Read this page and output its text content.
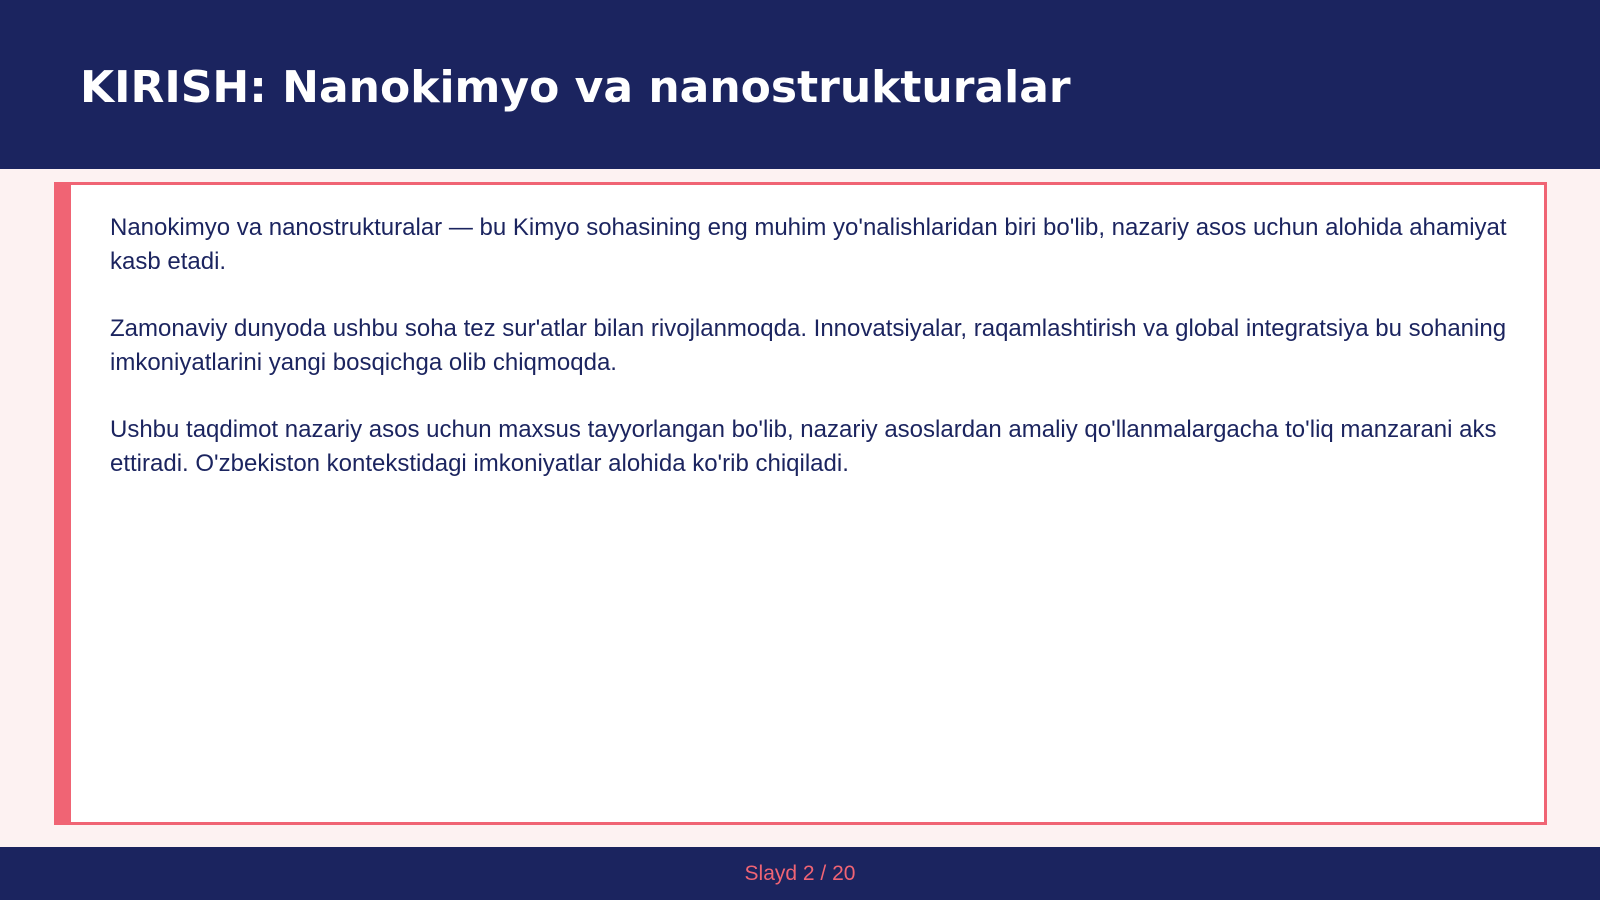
KIRISH: Nanokimyo va nanostrukturalar

Nanokimyo va nanostrukturalar — bu Kimyo sohasining eng muhim yo'nalishlaridan biri bo'lib, nazariy asos uchun alohida ahamiyat kasb etadi.

Zamonaviy dunyoda ushbu soha tez sur'atlar bilan rivojlanmoqda. Innovatsiyalar, raqamlashtirish va global integratsiya bu sohaning imkoniyatlarini yangi bosqichga olib chiqmoqda.

Ushbu taqdimot nazariy asos uchun maxsus tayyorlangan bo'lib, nazariy asoslardan amaliy qo'llanmalargacha to'liq manzarani aks ettiradi. O'zbekiston kontekstidagi imkoniyatlar alohida ko'rib chiqiladi.

Slayd 2 / 20
